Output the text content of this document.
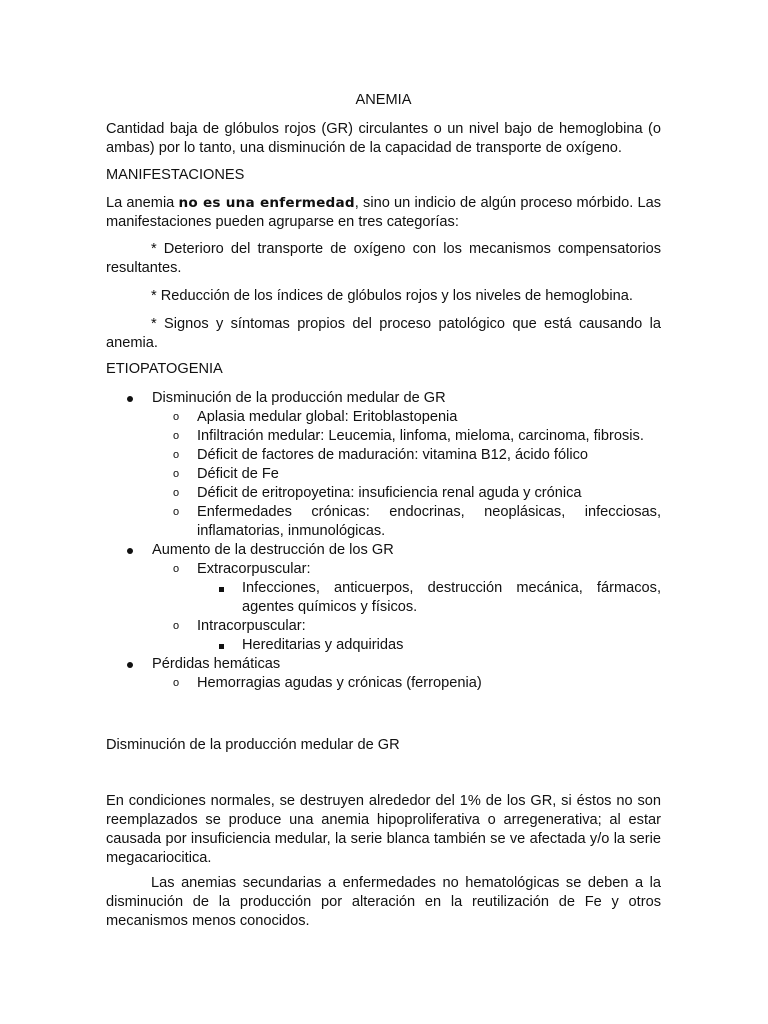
ANEMIA
Cantidad baja de glóbulos rojos (GR) circulantes o un nivel bajo de hemoglobina (o ambas) por lo tanto, una disminución de la capacidad de transporte de oxígeno.
MANIFESTACIONES
La anemia no es una enfermedad, sino un indicio de algún proceso mórbido. Las manifestaciones pueden agruparse en tres categorías:
* Deterioro del transporte de oxígeno con los mecanismos compensatorios resultantes.
* Reducción de los índices de glóbulos rojos y los niveles de hemoglobina.
* Signos y síntomas propios del proceso patológico que está causando la anemia.
ETIOPATOGENIA
Disminución de la producción medular de GR
o Aplasia medular global: Eritoblastopenia
o Infiltración medular: Leucemia, linfoma, mieloma, carcinoma, fibrosis.
o Déficit de factores de maduración: vitamina B12, ácido fólico
o Déficit de Fe
o Déficit de eritropoyetina: insuficiencia renal aguda y crónica
o Enfermedades crónicas: endocrinas, neoplásicas, infecciosas, inflamatorias, inmunológicas.
Aumento de la destrucción de los GR
o Extracorpuscular:
Infecciones, anticuerpos, destrucción mecánica, fármacos, agentes químicos y físicos.
o Intracorpuscular:
Hereditarias y adquiridas
Pérdidas hemáticas
o Hemorragias agudas y crónicas (ferropenia)
Disminución de la producción medular de GR
En condiciones normales, se destruyen alrededor del 1% de los GR, si éstos no son reemplazados se produce una anemia hipoproliferativa o arregenerativa; al estar causada por insuficiencia medular, la serie blanca también se ve afectada y/o la serie megacariocitica.
Las anemias secundarias a enfermedades no hematológicas se deben a la disminución de la producción por alteración en la reutilización de Fe y otros mecanismos menos conocidos.
